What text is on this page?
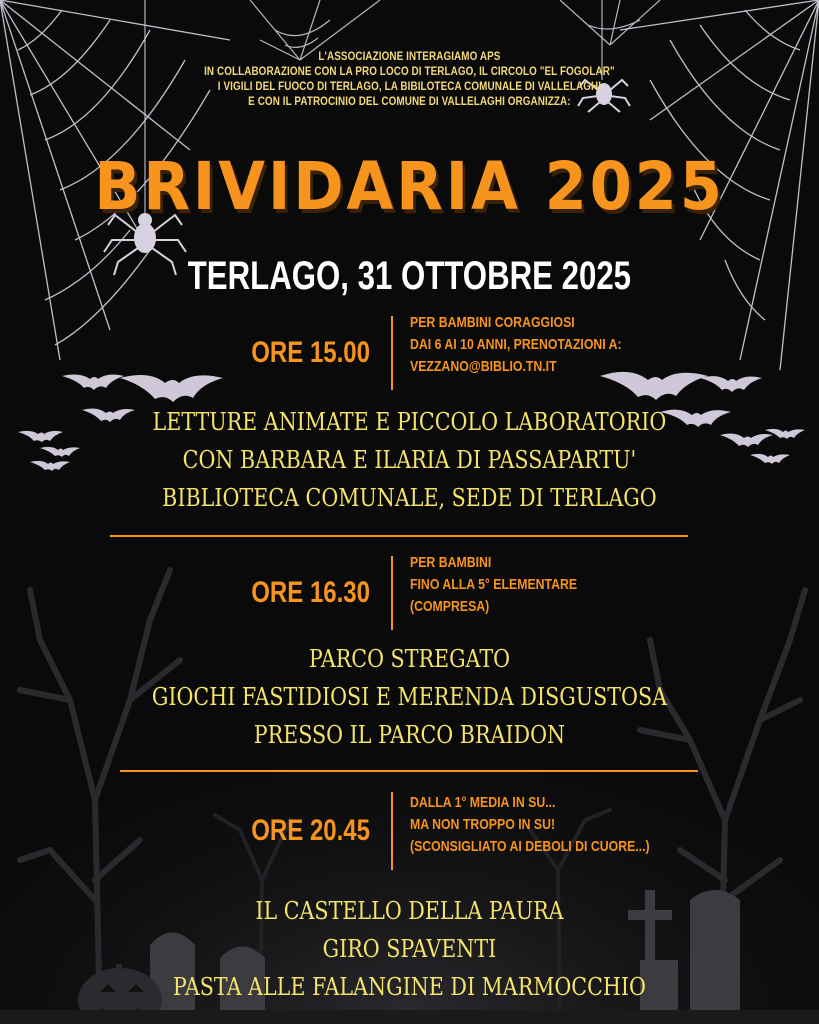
L'ASSOCIAZIONE INTERAGIAMO APS
IN COLLABORAZIONE CON LA PRO LOCO DI TERLAGO, IL CIRCOLO "EL FOGOLAR"
I VIGILI DEL FUOCO DI TERLAGO, LA BIBILOTECA COMUNALE DI VALLELAGHI
E CON IL PATROCINIO DEL COMUNE DI VALLELAGHI ORGANIZZA:
BRIVIDARIA 2025
TERLAGO, 31 OTTOBRE 2025
ORE 15.00
PER BAMBINI CORAGGIOSI
DAI 6 AI 10 ANNI, PRENOTAZIONI A:
VEZZANO@BIBLIO.TN.IT
LETTURE ANIMATE E PICCOLO LABORATORIO
CON BARBARA E ILARIA DI PASSAPARTU'
BIBLIOTECA COMUNALE, SEDE DI TERLAGO
ORE 16.30
PER BAMBINI
FINO ALLA 5° ELEMENTARE
(COMPRESA)
PARCO STREGATO
GIOCHI FASTIDIOSI E MERENDA DISGUSTOSA
PRESSO IL PARCO BRAIDON
ORE 20.45
DALLA 1° MEDIA IN SU...
MA NON TROPPO IN SU!
(SCONSIGLIATO AI DEBOLI DI CUORE...)
IL CASTELLO DELLA PAURA
GIRO SPAVENTI
PASTA ALLE FALANGINE DI MARMOCCHIO
